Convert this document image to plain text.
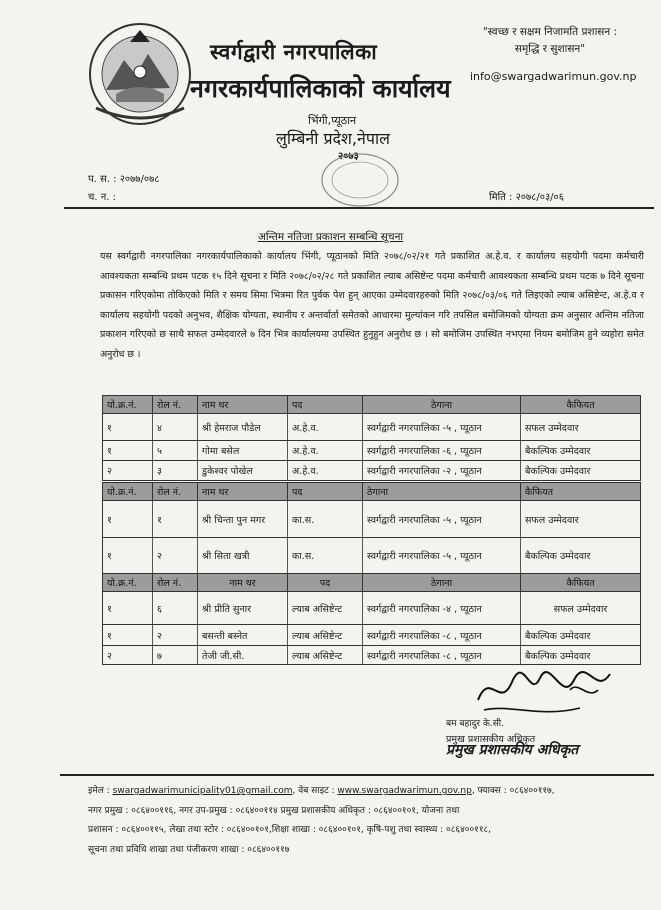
स्वर्गद्वारी नगरपालिका
नगरकार्यपालिकाको कार्यालय
भिंगी,प्यूठान
लुम्बिनी प्रदेश,नेपाल
२०७३
"स्वच्छ र सक्षम निजामति प्रशासन :
समृद्धि र सुशासन"
info@swargadwarimun.gov.np
प. स. : २०७७/०७८
च. न. :	मिति : २०७८/०३/०६
अन्तिम नतिजा प्रकाशन सम्बन्धि सूचना
यस स्वर्गद्वारी नगरपालिका नगरकार्यपालिकाको कार्यालय भिंगी, प्यूठानको मिति २०७८/०२/२१ गते प्रकाशित अ.हे.व. र कार्यालय सहयोगी पदमा कर्मचारी आवश्यकता सम्बन्धि प्रथम पटक १५ दिने सूचना र मिति २०७८/०२/२८ गते प्रकाशित ल्याब असिष्टेन्ट पदमा कर्मचारी आवश्यकता सम्बन्धि प्रथम पटक ७ दिने सूचना प्रकासन गरिएकोमा तोकिएको मिति र समय सिमा भित्रमा रित पुर्वक पेश हुन् आएका उम्मेदवारहरुको मिति २०७८/०३/०६ गते लिइएको ल्याब असिष्टेन्ट, अ.हे.व र कार्यालय सहयोगी पदको अनुभव, शैक्षिक योग्यता, स्थानीय र अन्तर्वार्ता समेतको आधारमा मुल्यांकन गरि तपसिल बमोजिमको योग्यता क्रम अनुसार अन्तिम नतिजा प्रकाशन गरिएको छ साथै सफल उम्मेदवारले ७ दिन भित्र कार्यालयमा उपस्थित हुनुहुन अनुरोध छ । सो बमोजिम उपस्थित नभएमा नियम बमोजिम हुने व्यहोरा समेत अनुरोध छ ।
यो.क्र.नं.	रोल नं.	नाम थर	पद	ठेगाना	कैफियत
१	४	श्री हेमराज पौडेल	अ.हे.व.	स्वर्गद्वारी नगरपालिका -५ , प्यूठान	सफल उम्मेदवार
१	५	गोमा बसेल	अ.हे.व.	स्वर्गद्वारी नगरपालिका -६ , प्यूठान	बैकल्पिक उम्मेदवार
२	३	डुकेश्वर पोखेल	अ.हे.व.	स्वर्गद्वारी नगरपालिका -२ , प्यूठान	बैकल्पिक उम्मेदवार
यो.क्र.नं.	रोल नं.	नाम थर	पद	ठेगाना	कैफियत
१	१	श्री चिन्ता पुन मगर	का.स.	स्वर्गद्वारी नगरपालिका -५ , प्यूठान	सफल उम्मेदवार
१	२	श्री सिता खत्री	का.स.	स्वर्गद्वारी नगरपालिका -५ , प्यूठान	बैकल्पिक उम्मेदवार
यो.क्र.नं.	रोल नं.	नाम थर	पद	ठेगाना	कैफियत
१	६	श्री प्रीति सुनार	ल्याब असिष्टेन्ट	स्वर्गद्वारी नगरपालिका -४ , प्यूठान	सफल उम्मेदवार
१	२	बसन्ती बस्नेत	ल्याब असिष्टेन्ट	स्वर्गद्वारी नगरपालिका -८ , प्यूठान	बैकल्पिक उम्मेदवार
२	७	तेजी जी.सी.	ल्याब असिष्टेन्ट	स्वर्गद्वारी नगरपालिका -८ , प्यूठान	बैकल्पिक उम्मेदवार
बम बहादुर के.सी.
प्रमुख प्रशासकीय अधिकृत
प्रमुख प्रशासकीय अधिकृत
इमेल : swargadwarimunicipality01@gmail.com, वेब साइट : www.swargadwarimun.gov.np, फ्याक्स : ०८६४००११७,
नगर प्रमुख : ०८६४००११६, नगर उप-प्रमुख : ०८६४००११४ प्रमुख प्रशासकीय अधिकृत : ०८६४००१०१, योजना तथा
प्रशासन : ०८६४००११५, लेखा तथा स्टोर : ०८६४००१०१,शिक्षा शाखा : ०८६४००१०१, कृषि-पशु तथा स्वास्थ्य : ०८६४००११८,
सूचना तथा प्रविधि शाखा तथा पंजीकरण शाखा : ०८६४००११७
